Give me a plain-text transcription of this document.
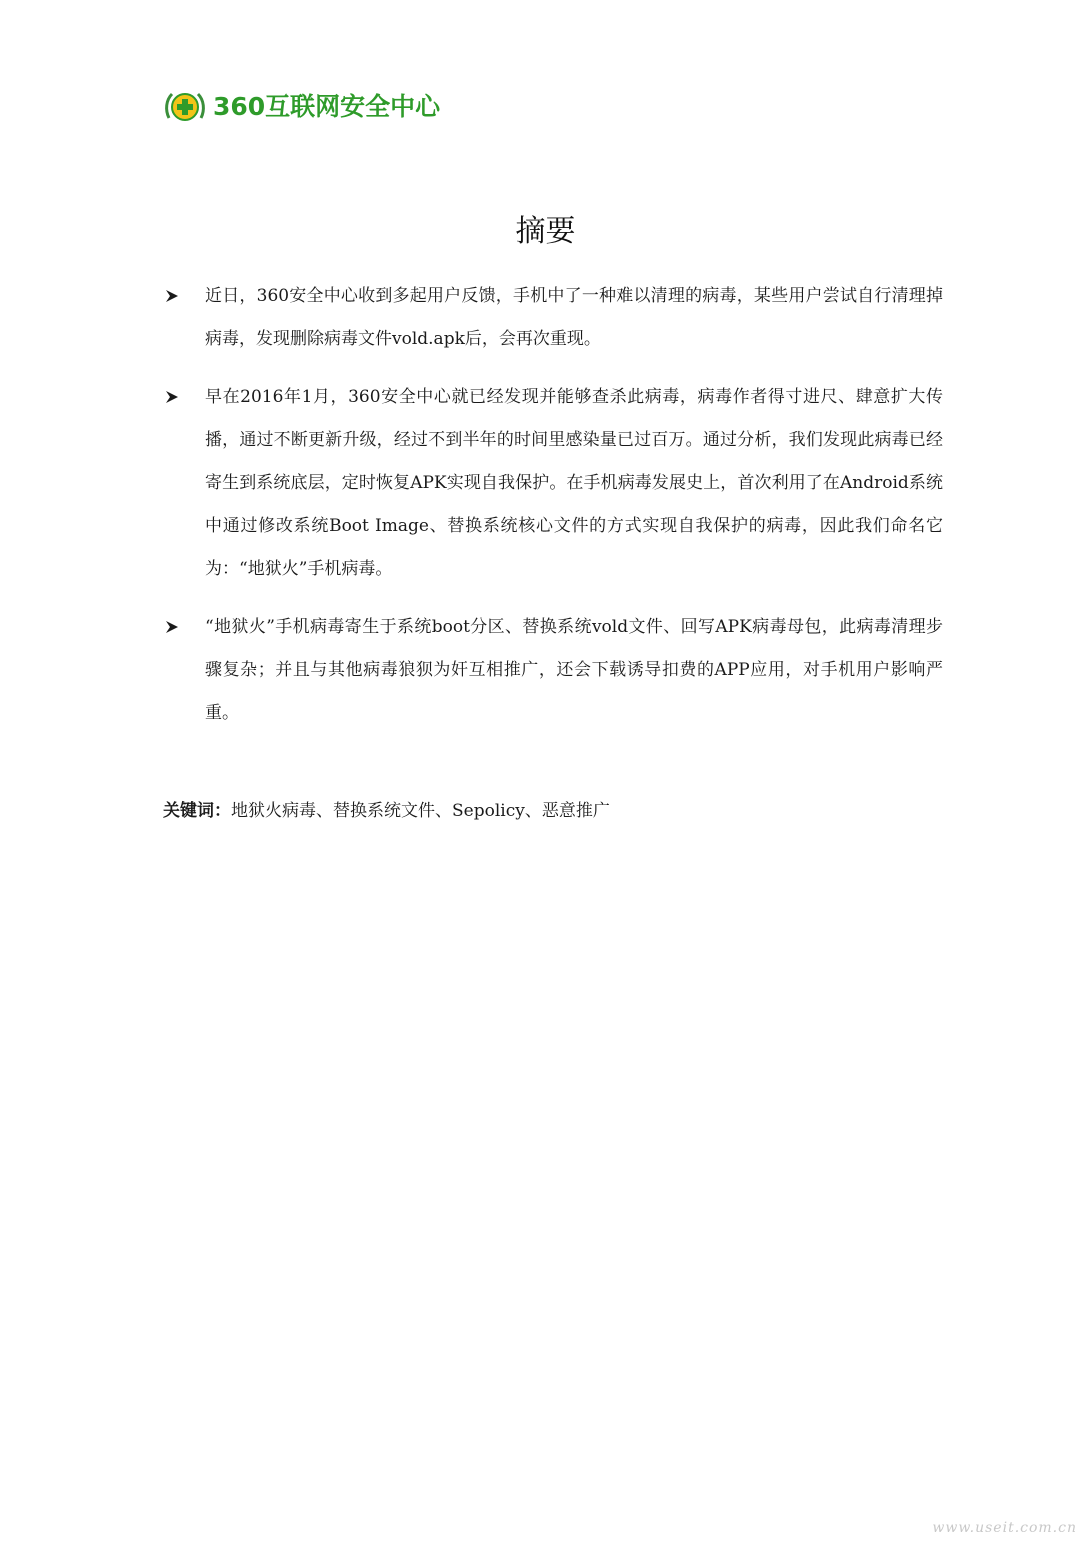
360互联网安全中心
摘要
近日，360安全中心收到多起用户反馈，手机中了一种难以清理的病毒，某些用户尝试自行清理掉病毒，发现删除病毒文件vold.apk后，会再次重现。
早在2016年1月，360安全中心就已经发现并能够查杀此病毒，病毒作者得寸进尺、肆意扩大传播，通过不断更新升级，经过不到半年的时间里感染量已过百万。通过分析，我们发现此病毒已经寄生到系统底层，定时恢复APK实现自我保护。在手机病毒发展史上，首次利用了在Android系统中通过修改系统Boot Image、替换系统核心文件的方式实现自我保护的病毒，因此我们命名它为：“地狱火”手机病毒。
“地狱火”手机病毒寄生于系统boot分区、替换系统vold文件、回写APK病毒母包，此病毒清理步骤复杂；并且与其他病毒狼狈为奸互相推广，还会下载诱导扣费的APP应用，对手机用户影响严重。
关键词：地狱火病毒、替换系统文件、Sepolicy、恶意推广
www.useit.com.cn
